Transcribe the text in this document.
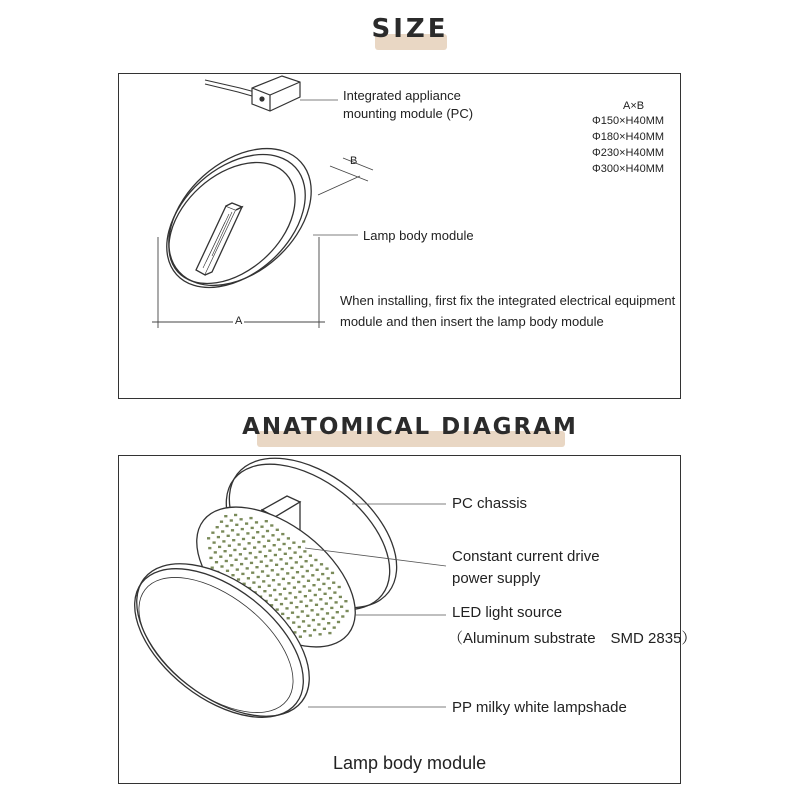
SIZE
Integrated appliance
mounting module (PC)	A×B
Φ150×H40MM
Φ180×H40MM
Φ230×H40MM
Φ300×H40MM
B
A
Lamp body module
When installing, first fix the integrated electrical equipment
module and then insert the lamp body module
ANATOMICAL DIAGRAM
PC chassis
Constant current drive
power supply
LED light source
（Aluminum substrate　SMD 2835）
PP milky white lampshade
Lamp body module
